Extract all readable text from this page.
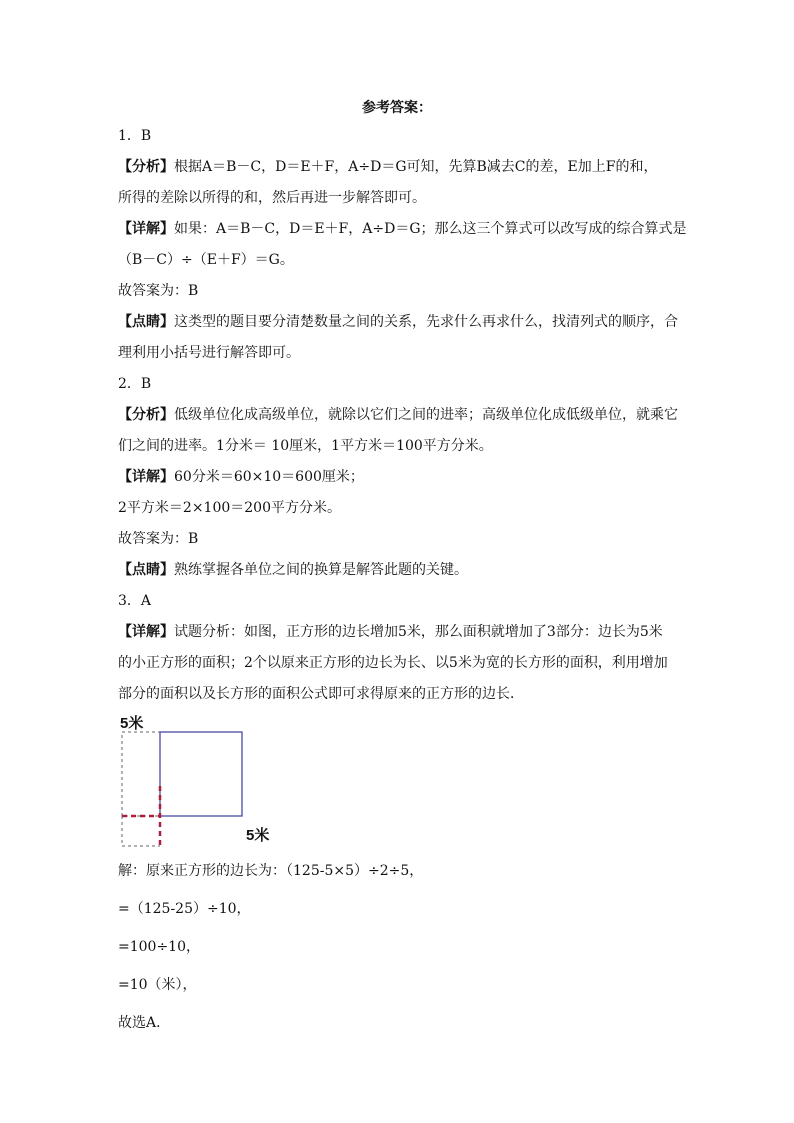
参考答案：
1．B
【分析】根据A＝B－C，D＝E＋F，A÷D＝G可知，先算B减去C的差，E加上F的和，
所得的差除以所得的和，然后再进一步解答即可。
【详解】如果：A＝B－C，D＝E＋F，A÷D＝G；那么这三个算式可以改写成的综合算式是
（B－C）÷（E＋F）＝G。
故答案为：B
【点睛】这类型的题目要分清楚数量之间的关系，先求什么再求什么，找清列式的顺序，合
理利用小括号进行解答即可。
2．B
【分析】低级单位化成高级单位，就除以它们之间的进率；高级单位化成低级单位，就乘它
们之间的进率。1分米＝ 10厘米，1平方米＝100平方分米。
【详解】60分米＝60×10＝600厘米；
2平方米＝2×100＝200平方分米。
故答案为：B
【点睛】熟练掌握各单位之间的换算是解答此题的关键。
3．A
【详解】试题分析：如图，正方形的边长增加5米，那么面积就增加了3部分：边长为5米
的小正方形的面积；2个以原来正方形的边长为长、以5米为宽的长方形的面积，利用增加
部分的面积以及长方形的面积公式即可求得原来的正方形的边长．
5米
5米
解：原来正方形的边长为：（125-5×5）÷2÷5，
=（125-25）÷10，
=100÷10，
=10（米），
故选A．
